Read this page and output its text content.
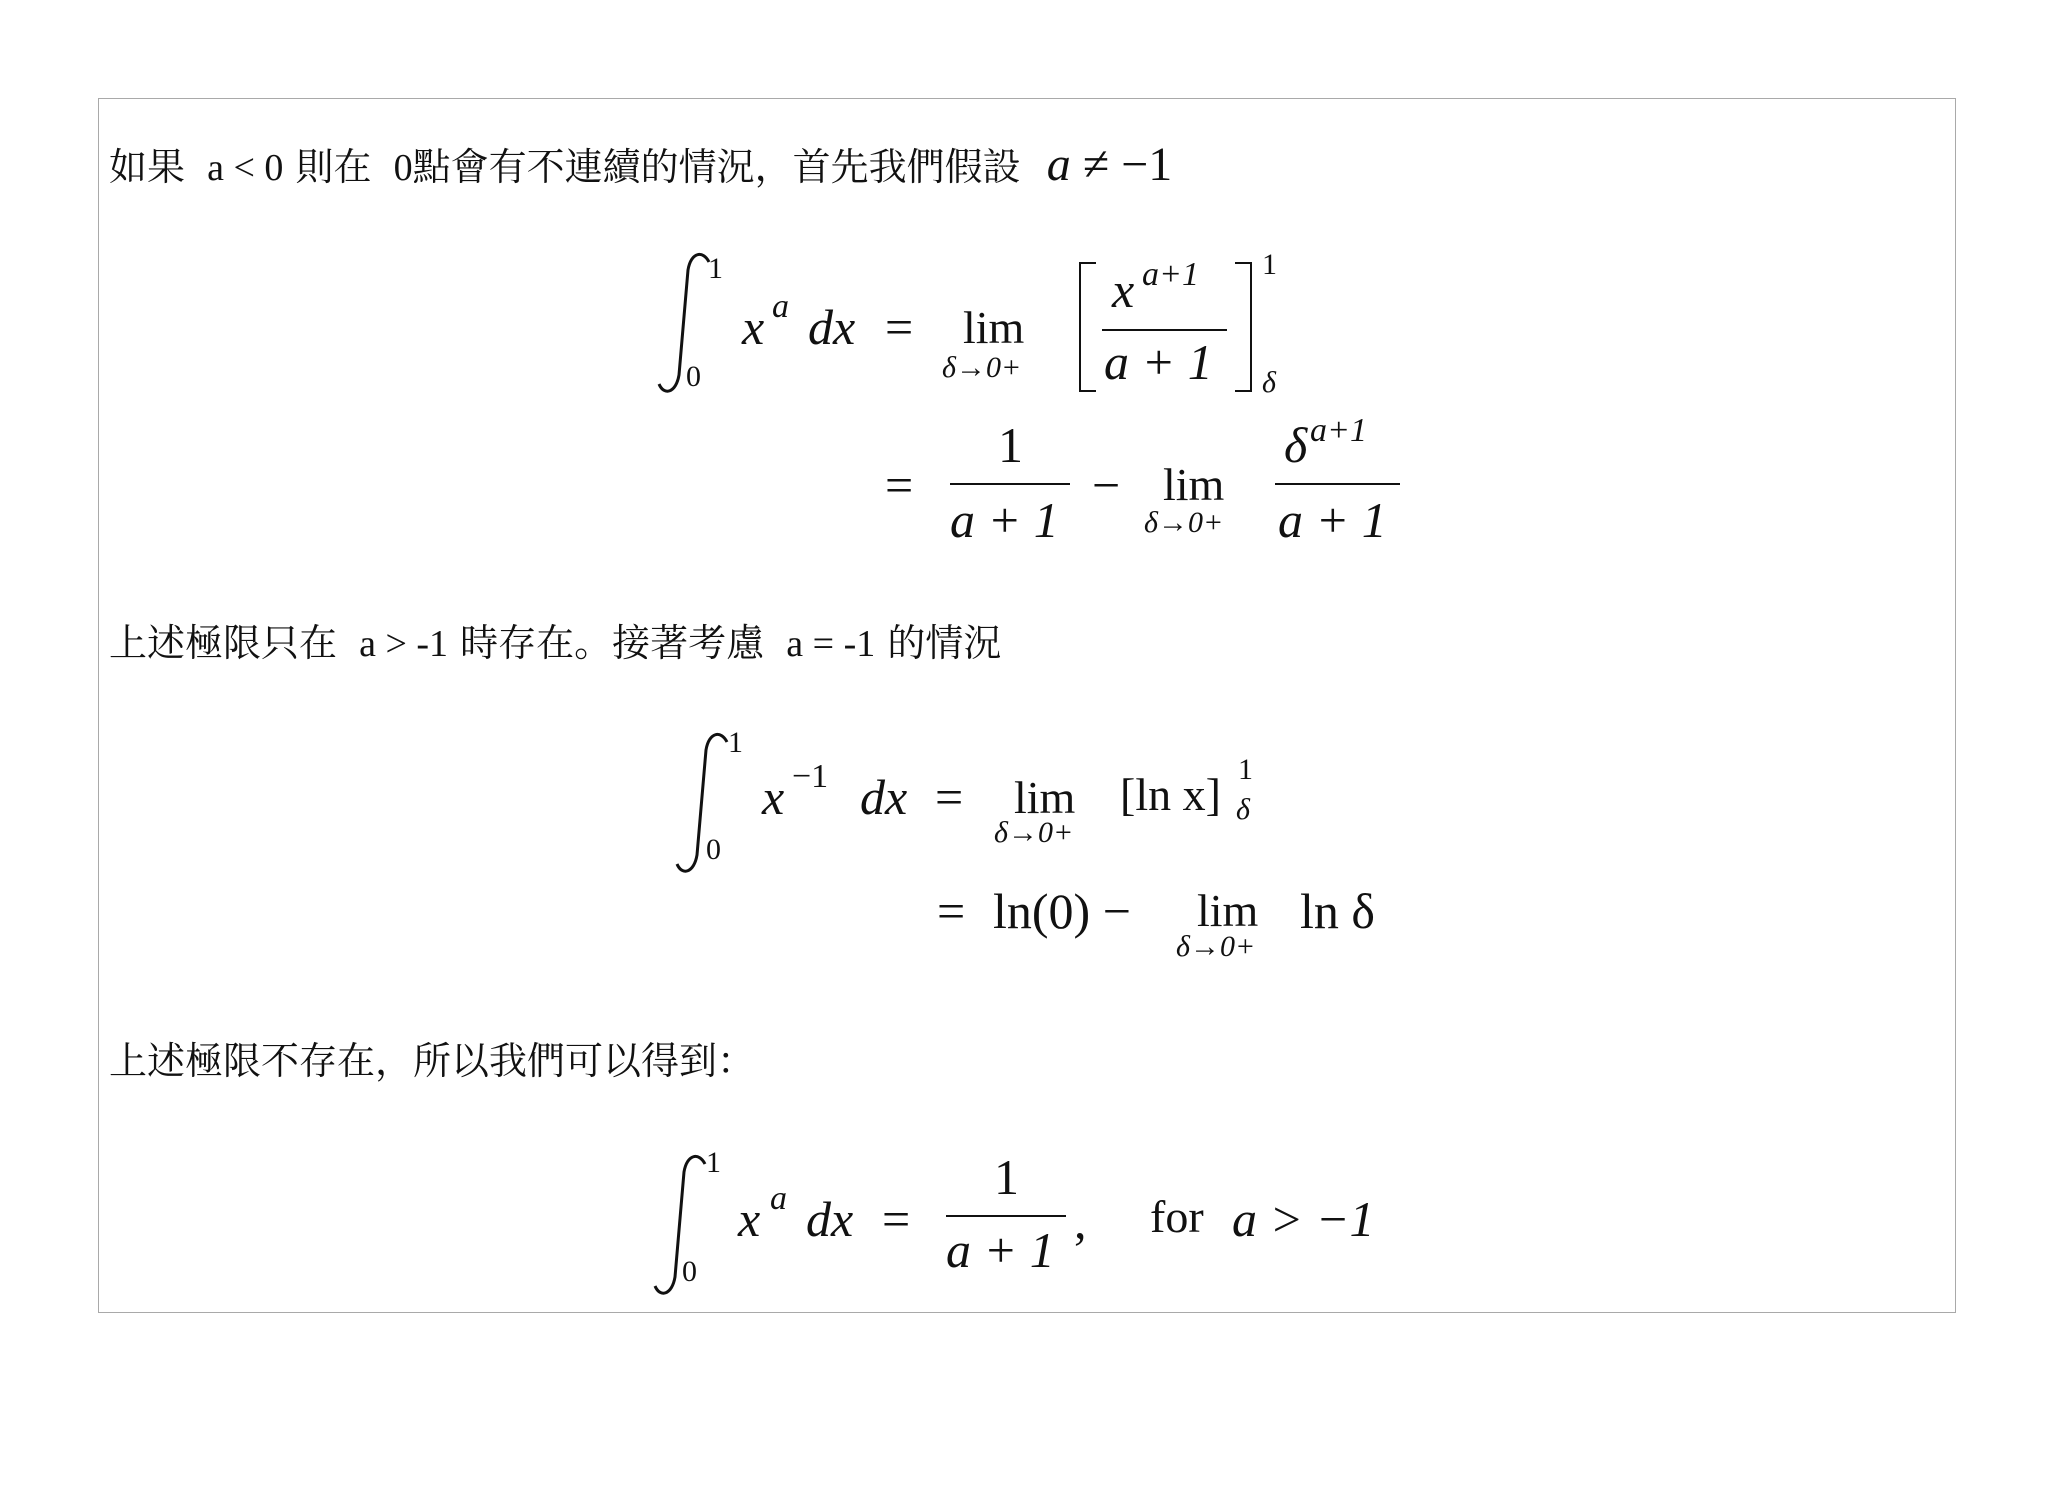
如果 a < 0 則在 0點會有不連續的情況，首先我們假設 a ≠ −1
1
0
x a dx = lim
δ→0+
x a+1
a + 1
1
δ
=
1
a + 1
− lim
δ→0+
δ a+1
a + 1
上述極限只在 a > -1 時存在。接著考慮 a = -1 的情況
1
0
x −1 dx = lim
δ→0+
[ln x] 1
δ
= ln(0) − lim
δ→0+
ln δ
上述極限不存在，所以我們可以得到：
1
0
x a dx =
1
a + 1
, for a > −1
